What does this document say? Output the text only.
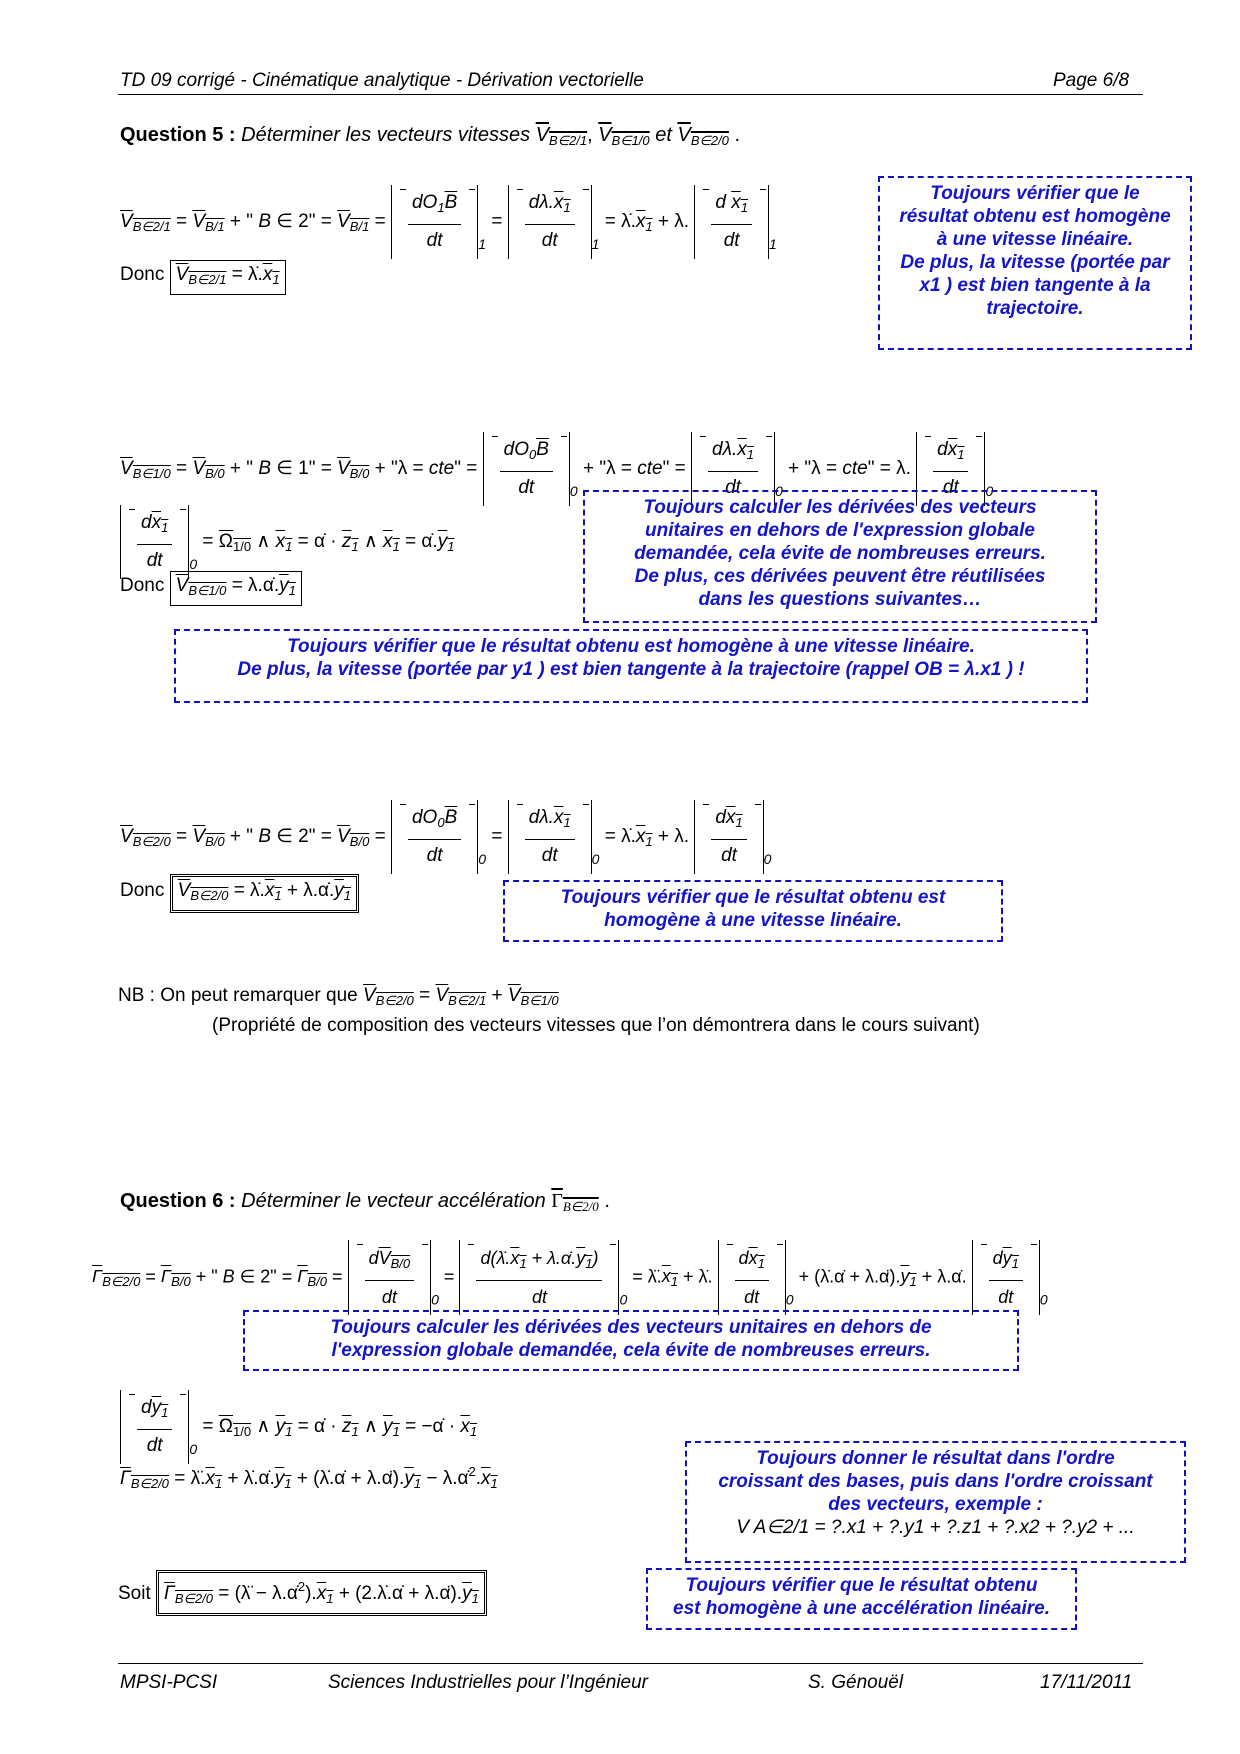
TD 09 corrigé - Cinématique analytique - Dérivation vectorielle	Page 6/8
Question 5 : Déterminer les vecteurs vitesses $V_{B\in 2/1}$, $V_{B\in 1/0}$ et $V_{B\in 2/0}$ .
$V_{B\in 2/1} = V_{B/1}$ + " B ∈ 2" = $V_{B/1} = \frac{dO_1\overline{B}}{dt} _1 = \frac{d\lambda.x_1}{dt} _1$ = $\lambdȧ.x_1 + \lambda$. $\frac{d x_1}{dt} _1$
Donc $V_{B\in 2/1}$ = $\lambdȧ.x_1$
Toujours vérifier que le
résultat obtenu est homogène
à une vitesse linéaire.
De plus, la vitesse (portée par
x1 ) est bien tangente à la
trajectoire.
$V_{B\in 1/0} = V_{B/0}$ + " B ∈ 1" = $V_{B/0}$ + "λ = cte" = $\frac{dO_0\overline{B}}{dt} _0$ + "λ = cte" = $\frac{d\lambda.x_1}{dt} _0$ + "λ = cte" = λ. $\frac{dx_1}{dt} _0$
$\frac{dx_1}{dt} _0 = \Omega_{1/0}$ ∧ $x_1$ = α̇ · $z_1$ ∧ $x_1$ = $\alphȧ.y_1$
Donc $V_{B\in 1/0}$ = $\lambda.\alphȧ.y_1$
Toujours calculer les dérivées des vecteurs
unitaires en dehors de l'expression globale
demandée, cela évite de nombreuses erreurs.
De plus, ces dérivées peuvent être réutilisées
dans les questions suivantes…
Toujours vérifier que le résultat obtenu est homogène à une vitesse linéaire.
De plus, la vitesse (portée par y1 ) est bien tangente à la trajectoire (rappel OB = λ.x1 ) !
$V_{B\in 2/0} = V_{B/0}$ + " B ∈ 2" = $V_{B/0} = \frac{dO_0\overline{B}}{dt} _0 = \frac{d\lambda.x_1}{dt} _0$ = $\lambdȧ.x_1 + \lambda$. $\frac{dx_1}{dt} _0$
Donc $V_{B\in 2/0}$ = $\lambdȧ.x_1$ + $\lambda.\alphȧ.y_1$	Toujours vérifier que le résultat obtenu est
homogène à une vitesse linéaire.
NB : On peut remarquer que $V_{B\in 2/0} = V_{B\in 2/1} + V_{B\in 1/0}$
(Propriété de composition des vecteurs vitesses que l’on démontrera dans le cours suivant)
Question 6 : Déterminer le vecteur accélération $\Gamma_{B\in 2/0}$ .
$\Gamma_{B\in 2/0} = \Gamma_{B/0}$ + " B ∈ 2" = $\Gamma_{B/0} = \frac{dV_{B/0}}{dt} _0 = \frac{d(\lambdȧ.x_1 + \lambda.\alphȧ.y_1)}{dt} _0$ = $\lambdä.x_1$ + λ̇. $\frac{dx_1}{dt} _0$ + (λ̇.α̇ + $\lambda.\alphä).y_1$ + λ.α̇. $\frac{dy_1}{dt} _0$
Toujours calculer les dérivées des vecteurs unitaires en dehors de
l'expression globale demandée, cela évite de nombreuses erreurs.
$\frac{dy_1}{dt} _0 = \Omega_{1/0}$ ∧ $y_1$ = α̇ · $z_1$ ∧ $y_1$ = −α̇ · $x_1$
$\Gamma_{B\in 2/0}$ = $\lambdä.x_1$ + $\lambdȧ.\alphȧ.y_1$ + (λ̇.α̇ + $\lambda.\alphä).y_1$ − $\lambda.\alphȧ^2.x_1$
Toujours donner le résultat dans l'ordre
croissant des bases, puis dans l'ordre croissant
des vecteurs, exemple :
V A∈2/1 = ?.x1 + ?.y1 + ?.z1 + ?.x2 + ?.y2 + ...
Soit $\Gamma_{B\in 2/0}$ = (λ̈ − $\lambda.\alphȧ^2).x_1$ + (2.λ̇.α̇ + $\lambda.\alphä).y_1$
Toujours vérifier que le résultat obtenu
est homogène à une accélération linéaire.
MPSI-PCSI	Sciences Industrielles pour l’Ingénieur	S. Génouël	17/11/2011
